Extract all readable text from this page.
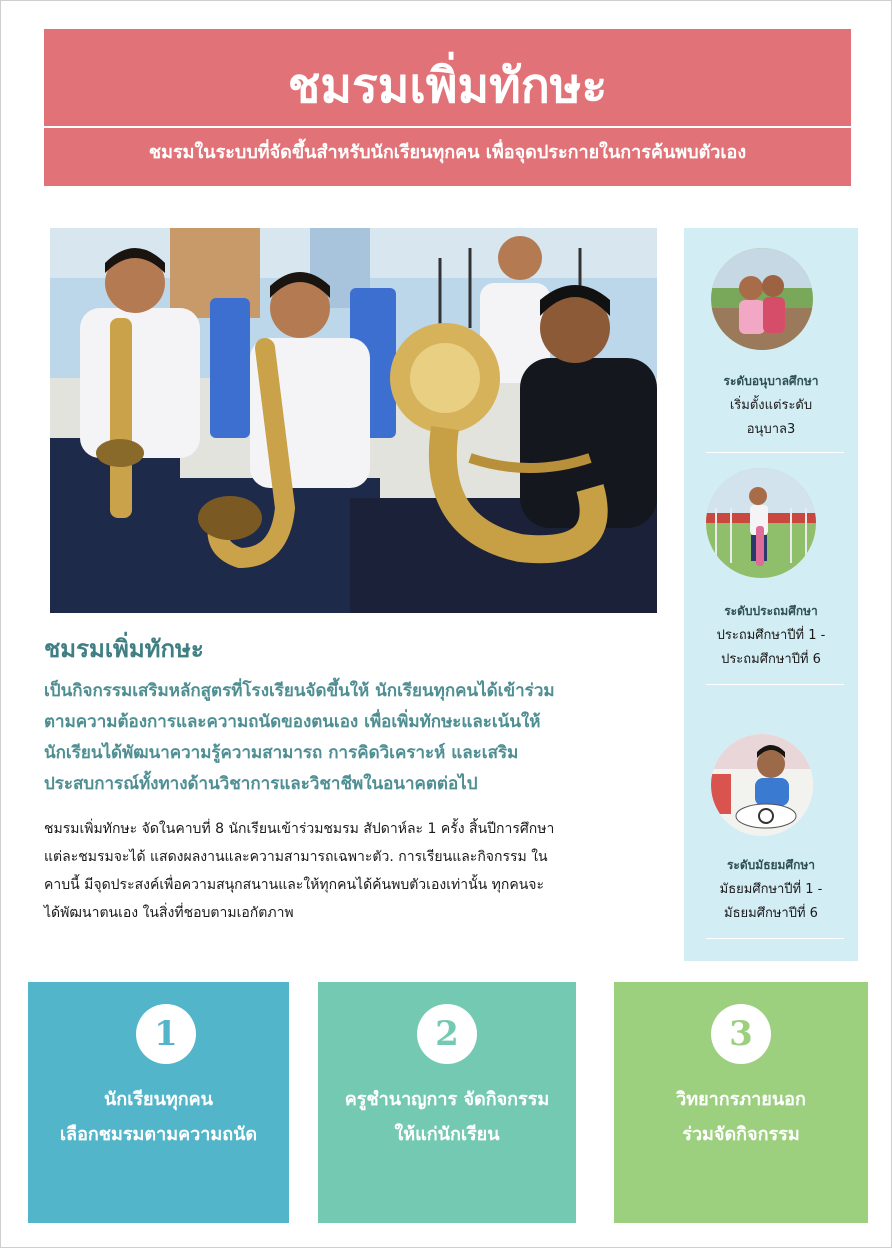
ชมรมเพิ่มทักษะ
ชมรมในระบบที่จัดขึ้นสำหรับนักเรียนทุกคน เพื่อจุดประกายในการค้นพบตัวเอง
ชมรมเพิ่มทักษะ
เป็นกิจกรรมเสริมหลักสูตรที่โรงเรียนจัดขึ้นให้ นักเรียนทุกคนได้เข้าร่วม
ตามความต้องการและความถนัดของตนเอง เพื่อเพิ่มทักษะและเน้นให้
นักเรียนได้พัฒนาความรู้ความสามารถ การคิดวิเคราะห์ และเสริม
ประสบการณ์ทั้งทางด้านวิชาการและวิชาชีพในอนาคตต่อไป
ชมรมเพิ่มทักษะ จัดในคาบที่ 8 นักเรียนเข้าร่วมชมรม สัปดาห์ละ 1 ครั้ง สิ้นปีการศึกษา
แต่ละชมรมจะได้ แสดงผลงานและความสามารถเฉพาะตัว. การเรียนและกิจกรรม ใน
คาบนี้ มีจุดประสงค์เพื่อความสนุกสนานและให้ทุกคนได้ค้นพบตัวเองเท่านั้น ทุกคนจะ
ได้พัฒนาตนเอง ในสิ่งที่ชอบตามเอกัตภาพ
ระดับอนุบาลศึกษา
เริ่มตั้งแต่ระดับ
อนุบาล3
ระดับประถมศึกษา
ประถมศึกษาปีที่ 1 -
ประถมศึกษาปีที่ 6
ระดับมัธยมศึกษา
มัธยมศึกษาปีที่ 1 -
มัธยมศึกษาปีที่ 6
1
นักเรียนทุกคน
เลือกชมรมตามความถนัด
2
ครูชำนาญการ จัดกิจกรรม
ให้แก่นักเรียน
3
วิทยากรภายนอก
ร่วมจัดกิจกรรม
